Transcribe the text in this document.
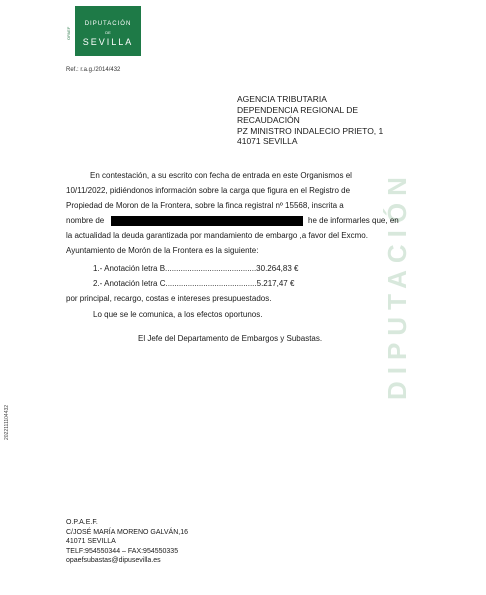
OPAEF
DIPUTACIÓN
DE
SEVILLA
Ref.: r.a.g./2014/432
AGENCIA TRIBUTARIA
DEPENDENCIA REGIONAL DE
RECAUDACIÓN
PZ MINISTRO INDALECIO PRIETO, 1
41071 SEVILLA
DIPUTACIÓN
En contestación, a su escrito con fecha de entrada en este Organismos el
10/11/2022, pidiéndonos información sobre la carga que figura en el Registro de
Propiedad de Moron de la Frontera, sobre la finca registral nº 15568, inscrita a
nombre de	he de informarles que, en
la actualidad la deuda garantizada por mandamiento de embargo ,a favor del Excmo.
Ayuntamiento de Morón de la Frontera es la siguiente:
1.- Anotación letra B.........................................30.264,83 €
2.- Anotación letra C.........................................5.217,47 €
por principal, recargo, costas e intereses presupuestados.
Lo que se le comunica, a los efectos oportunos.
El Jefe del Departamento de Embargos y Subastas.
2022111104432
O.P.A.E.F.
C/JOSÉ MARÍA MORENO GALVÁN,16
41071 SEVILLA
TELF:954550344 – FAX:954550335
opaefsubastas@dipusevilla.es
